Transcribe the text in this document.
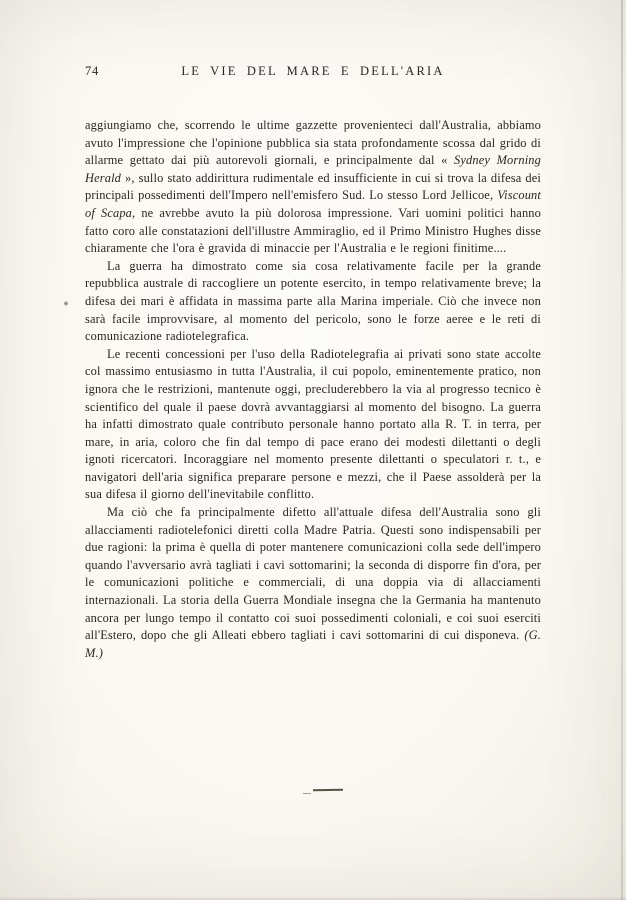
74	LE VIE DEL MARE E DELL'ARIA

aggiungiamo che, scorrendo le ultime gazzette provenienteci dall'Australia, abbiamo avuto l'impressione che l'opinione pubblica sia stata profondamente scossa dal grido di allarme gettato dai più autorevoli giornali, e principalmente dal « Sydney Morning Herald », sullo stato addirittura rudimentale ed insufficiente in cui si trova la difesa dei principali possedimenti dell'Impero nell'emisfero Sud. Lo stesso Lord Jellicoe, Viscount of Scapa, ne avrebbe avuto la più dolorosa impressione. Vari uomini politici hanno fatto coro alle constatazioni dell'illustre Ammiraglio, ed il Primo Ministro Hughes disse chiaramente che l'ora è gravida di minaccie per l'Australia e le regioni finitime....

La guerra ha dimostrato come sia cosa relativamente facile per la grande repubblica australe di raccogliere un potente esercito, in tempo relativamente breve; la difesa dei mari è affidata in massima parte alla Marina imperiale. Ciò che invece non sarà facile improvvisare, al momento del pericolo, sono le forze aeree e le reti di comunicazione radiotelegrafica.

Le recenti concessioni per l'uso della Radiotelegrafia ai privati sono state accolte col massimo entusiasmo in tutta l'Australia, il cui popolo, eminentemente pratico, non ignora che le restrizioni, mantenute oggi, precluderebbero la via al progresso tecnico è scientifico del quale il paese dovrà avvantaggiarsi al momento del bisogno. La guerra ha infatti dimostrato quale contributo personale hanno portato alla R. T. in terra, per mare, in aria, coloro che fin dal tempo di pace erano dei modesti dilettanti o degli ignoti ricercatori. Incoraggiare nel momento presente dilettanti o speculatori r. t., e navigatori dell'aria significa preparare persone e mezzi, che il Paese assolderà per la sua difesa il giorno dell'inevitabile conflitto.

Ma ciò che fa principalmente difetto all'attuale difesa dell'Australia sono gli allacciamenti radiotelefonici diretti colla Madre Patria. Questi sono indispensabili per due ragioni: la prima è quella di poter mantenere comunicazioni colla sede dell'impero quando l'avversario avrà tagliati i cavi sottomarini; la seconda di disporre fin d'ora, per le comunicazioni politiche e commerciali, di una doppia via di allacciamenti internazionali. La storia della Guerra Mondiale insegna che la Germania ha mantenuto ancora per lungo tempo il contatto coi suoi possedimenti coloniali, e coi suoi eserciti all'Estero, dopo che gli Alleati ebbero tagliati i cavi sottomarini di cui disponeva. (G. M.)
